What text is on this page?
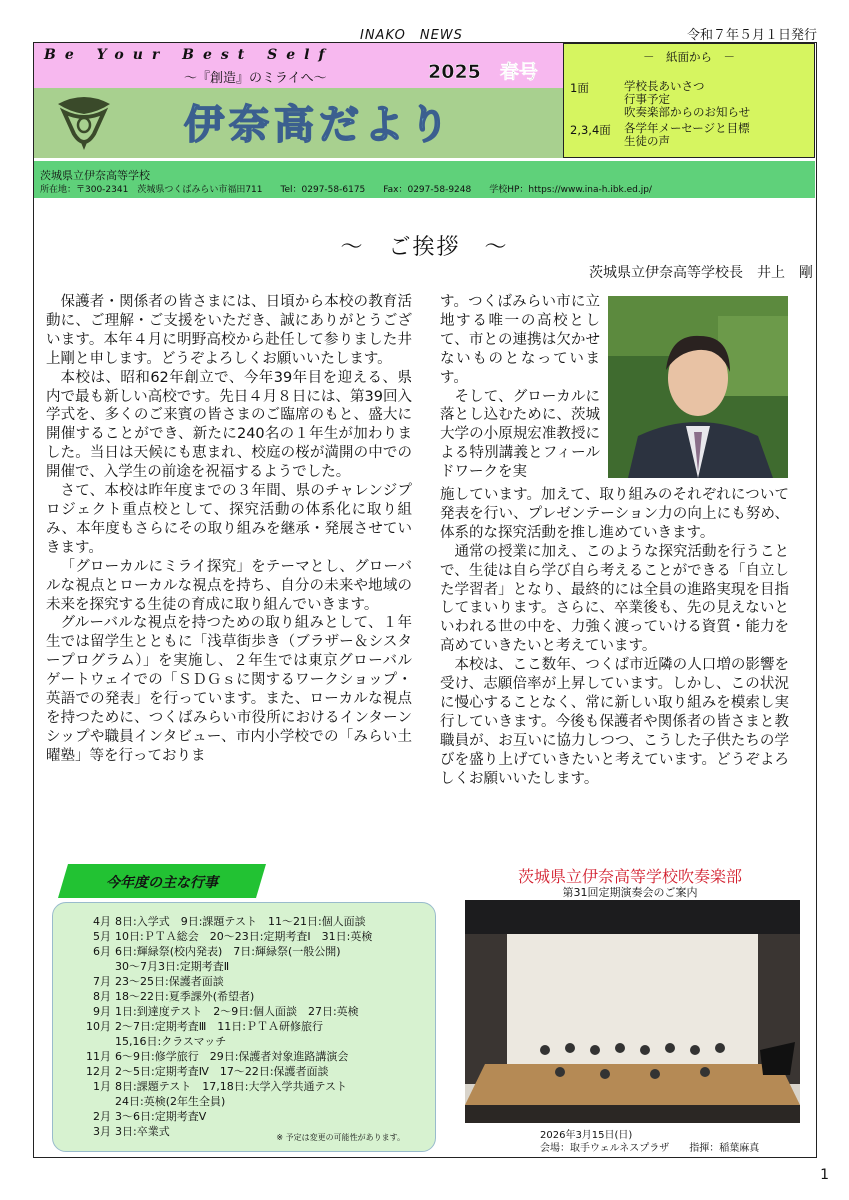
INAKO　NEWS	令和７年５月１日発行
Be Your Best Self
～『創造』のミライへ～	2025　春号
伊奈高だより
－　紙面から　－
1面	学校長あいさつ
行事予定
吹奏楽部からのお知らせ
2,3,4面 各学年メーセージと目標
生徒の声
茨城県立伊奈高等学校
所在地：〒300-2341　茨城県つくばみらい市福田711　　Tel：0297-58-6175　　Fax：0297-58-9248　　学校HP：https://www.ina-h.ibk.ed.jp/
～　ご挨拶　～
茨城県立伊奈高等学校長　井上　剛

保護者・関係者の皆さまには、日頃から本校の教育活動に、ご理解・ご支援をいただき、誠にありがとうございます。本年４月に明野高校から赴任して参りました井上剛と申します。どうぞよろしくお願いいたします。

本校は、昭和62年創立で、今年39年目を迎える、県内で最も新しい高校です。先日４月８日には、第39回入学式を、多くのご来賓の皆さまのご臨席のもと、盛大に開催することができ、新たに240名の１年生が加わりました。当日は天候にも恵まれ、校庭の桜が満開の中での開催で、入学生の前途を祝福するようでした。

さて、本校は昨年度までの３年間、県のチャレンジプロジェクト重点校として、探究活動の体系化に取り組み、本年度もさらにその取り組みを継承・発展させていきます。

「グローカルにミライ探究」をテーマとし、グローバルな視点とローカルな視点を持ち、自分の未来や地域の未来を探究する生徒の育成に取り組んでいきます。

グルーバルな視点を持つための取り組みとして、１年生では留学生とともに「浅草街歩き（ブラザー＆シスタープログラム）」を実施し、２年生では東京グローバルゲートウェイでの「ＳＤＧｓに関するワークショップ・英語での発表」を行っています。また、ローカルな視点を持つために、つくばみらい市役所におけるインターンシップや職員インタビュー、市内小学校での「みらい土曜塾」等を行っておりま

す。つくばみらい市に立地する唯一の高校として、市との連携は欠かせないものとなっています。

そして、グローカルに落とし込むために、茨城大学の小原規宏准教授による特別講義とフィールドワークを実

施しています。加えて、取り組みのそれぞれについて発表を行い、プレゼンテーション力の向上にも努め、体系的な探究活動を推し進めていきます。

通常の授業に加え、このような探究活動を行うことで、生徒は自ら学び自ら考えることができる「自立した学習者」となり、最終的には全員の進路実現を目指してまいります。さらに、卒業後も、先の見えないといわれる世の中を、力強く渡っていける資質・能力を高めていきたいと考えています。

本校は、ここ数年、つくば市近隣の人口増の影響を受け、志願倍率が上昇しています。しかし、この状況に慢心することなく、常に新しい取り組みを模索し実行していきます。今後も保護者や関係者の皆さまと教職員が、お互いに協力しつつ、こうした子供たちの学びを盛り上げていきたいと考えています。どうぞよろしくお願いいたします。

今年度の主な行事
4月 8日:入学式　9日:課題テスト　11～21日:個人面談
5月 10日:ＰＴＡ総会　20～23日:定期考査Ⅰ　31日:英検
6月 6日:輝緑祭(校内発表)　7日:輝緑祭(一般公開)
30～7月3日:定期考査Ⅱ
7月 23～25日:保護者面談
8月 18～22日:夏季課外(希望者)
9月 1日:到達度テスト　2～9日:個人面談　27日:英検
10月 2～7日:定期考査Ⅲ　11日:ＰＴＡ研修旅行
15,16日:クラスマッチ
11月 6～9日:修学旅行　29日:保護者対象進路講演会
12月 2～5日:定期考査Ⅳ　17～22日:保護者面談
1月 8日:課題テスト　17,18日:大学入学共通テスト
24日:英検(2年生全員)
2月 3～6日:定期考査Ⅴ
3月 3日:卒業式	※ 予定は変更の可能性があります。
茨城県立伊奈高等学校吹奏楽部
第31回定期演奏会のご案内
2026年3月15日(日)
会場：取手ウェルネスプラザ　　指揮：稲葉麻真
1
